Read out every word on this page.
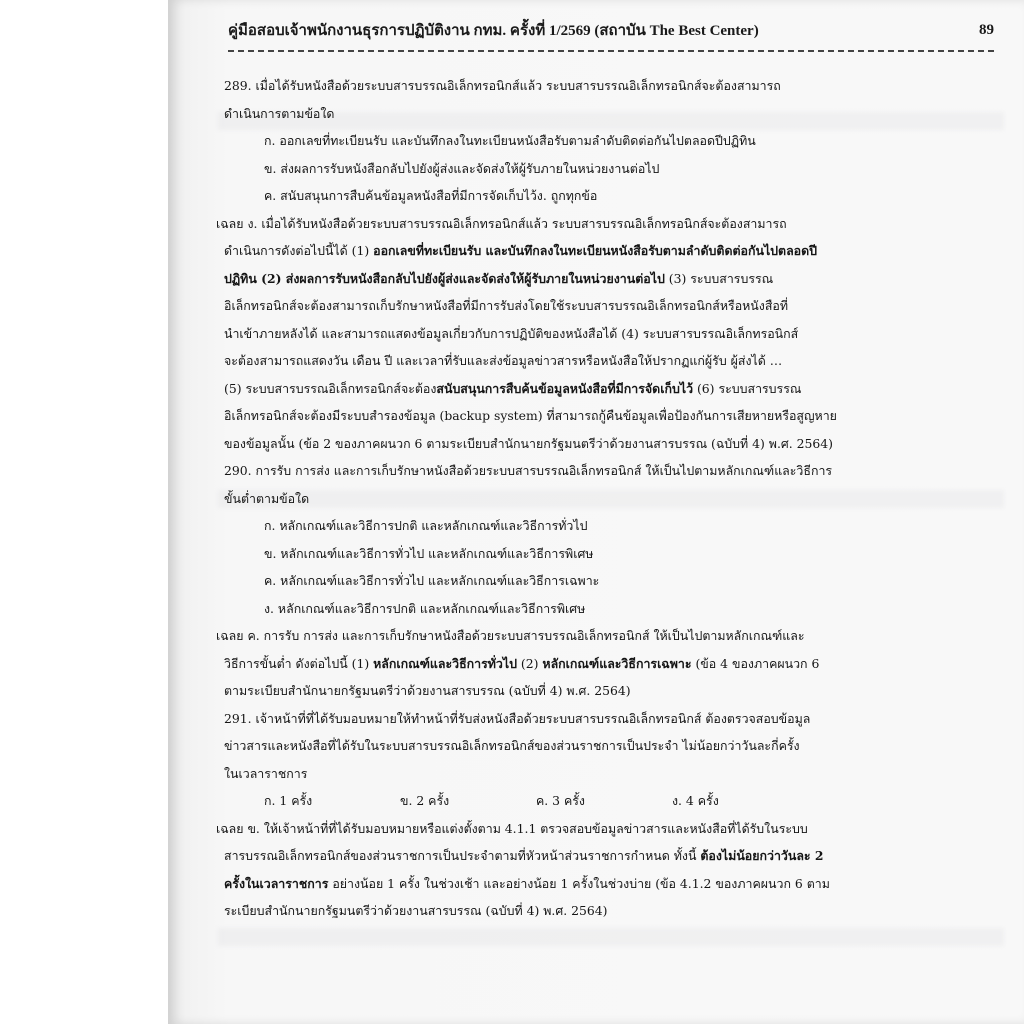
คู่มือสอบเจ้าพนักงานธุรการปฏิบัติงาน กทม. ครั้งที่ 1/2569 (สถาบัน The Best Center)	89
289. เมื่อได้รับหนังสือด้วยระบบสารบรรณอิเล็กทรอนิกส์แล้ว ระบบสารบรรณอิเล็กทรอนิกส์จะต้องสามารถ
ดำเนินการตามข้อใด
ก. ออกเลขที่ทะเบียนรับ และบันทึกลงในทะเบียนหนังสือรับตามลำดับติดต่อกันไปตลอดปีปฏิทิน
ข. ส่งผลการรับหนังสือกลับไปยังผู้ส่งและจัดส่งให้ผู้รับภายในหน่วยงานต่อไป
ค. สนับสนุนการสืบค้นข้อมูลหนังสือที่มีการจัดเก็บไว้ง. ถูกทุกข้อ
เฉลย ง. เมื่อได้รับหนังสือด้วยระบบสารบรรณอิเล็กทรอนิกส์แล้ว ระบบสารบรรณอิเล็กทรอนิกส์จะต้องสามารถ
ดำเนินการดังต่อไปนี้ได้ (1) ออกเลขที่ทะเบียนรับ และบันทึกลงในทะเบียนหนังสือรับตามลำดับติดต่อกันไปตลอดปี
ปฏิทิน (2) ส่งผลการรับหนังสือกลับไปยังผู้ส่งและจัดส่งให้ผู้รับภายในหน่วยงานต่อไป (3) ระบบสารบรรณ
อิเล็กทรอนิกส์จะต้องสามารถเก็บรักษาหนังสือที่มีการรับส่งโดยใช้ระบบสารบรรณอิเล็กทรอนิกส์หรือหนังสือที่
นำเข้าภายหลังได้ และสามารถแสดงข้อมูลเกี่ยวกับการปฏิบัติของหนังสือได้ (4) ระบบสารบรรณอิเล็กทรอนิกส์
จะต้องสามารถแสดงวัน เดือน ปี และเวลาที่รับและส่งข้อมูลข่าวสารหรือหนังสือให้ปรากฏแก่ผู้รับ ผู้ส่งได้ …
(5) ระบบสารบรรณอิเล็กทรอนิกส์จะต้องสนับสนุนการสืบค้นข้อมูลหนังสือที่มีการจัดเก็บไว้ (6) ระบบสารบรรณ
อิเล็กทรอนิกส์จะต้องมีระบบสำรองข้อมูล (backup system) ที่สามารถกู้คืนข้อมูลเพื่อป้องกันการเสียหายหรือสูญหาย
ของข้อมูลนั้น (ข้อ 2 ของภาคผนวก 6 ตามระเบียบสำนักนายกรัฐมนตรีว่าด้วยงานสารบรรณ (ฉบับที่ 4) พ.ศ. 2564)
290. การรับ การส่ง และการเก็บรักษาหนังสือด้วยระบบสารบรรณอิเล็กทรอนิกส์ ให้เป็นไปตามหลักเกณฑ์และวิธีการ
ขั้นต่ำตามข้อใด
ก. หลักเกณฑ์และวิธีการปกติ และหลักเกณฑ์และวิธีการทั่วไป
ข. หลักเกณฑ์และวิธีการทั่วไป และหลักเกณฑ์และวิธีการพิเศษ
ค. หลักเกณฑ์และวิธีการทั่วไป และหลักเกณฑ์และวิธีการเฉพาะ
ง. หลักเกณฑ์และวิธีการปกติ และหลักเกณฑ์และวิธีการพิเศษ
เฉลย ค. การรับ การส่ง และการเก็บรักษาหนังสือด้วยระบบสารบรรณอิเล็กทรอนิกส์ ให้เป็นไปตามหลักเกณฑ์และ
วิธีการขั้นต่ำ ดังต่อไปนี้ (1) หลักเกณฑ์และวิธีการทั่วไป (2) หลักเกณฑ์และวิธีการเฉพาะ (ข้อ 4 ของภาคผนวก 6
ตามระเบียบสำนักนายกรัฐมนตรีว่าด้วยงานสารบรรณ (ฉบับที่ 4) พ.ศ. 2564)
291. เจ้าหน้าที่ที่ได้รับมอบหมายให้ทำหน้าที่รับส่งหนังสือด้วยระบบสารบรรณอิเล็กทรอนิกส์ ต้องตรวจสอบข้อมูล
ข่าวสารและหนังสือที่ได้รับในระบบสารบรรณอิเล็กทรอนิกส์ของส่วนราชการเป็นประจำ ไม่น้อยกว่าวันละกี่ครั้ง
ในเวลาราชการ
ก. 1 ครั้ง	ข. 2 ครั้ง	ค. 3 ครั้ง	ง. 4 ครั้ง
เฉลย ข. ให้เจ้าหน้าที่ที่ได้รับมอบหมายหรือแต่งตั้งตาม 4.1.1 ตรวจสอบข้อมูลข่าวสารและหนังสือที่ได้รับในระบบ
สารบรรณอิเล็กทรอนิกส์ของส่วนราชการเป็นประจำตามที่หัวหน้าส่วนราชการกำหนด ทั้งนี้ ต้องไม่น้อยกว่าวันละ 2
ครั้งในเวลาราชการ อย่างน้อย 1 ครั้ง ในช่วงเช้า และอย่างน้อย 1 ครั้งในช่วงบ่าย (ข้อ 4.1.2 ของภาคผนวก 6 ตาม
ระเบียบสำนักนายกรัฐมนตรีว่าด้วยงานสารบรรณ (ฉบับที่ 4) พ.ศ. 2564)
